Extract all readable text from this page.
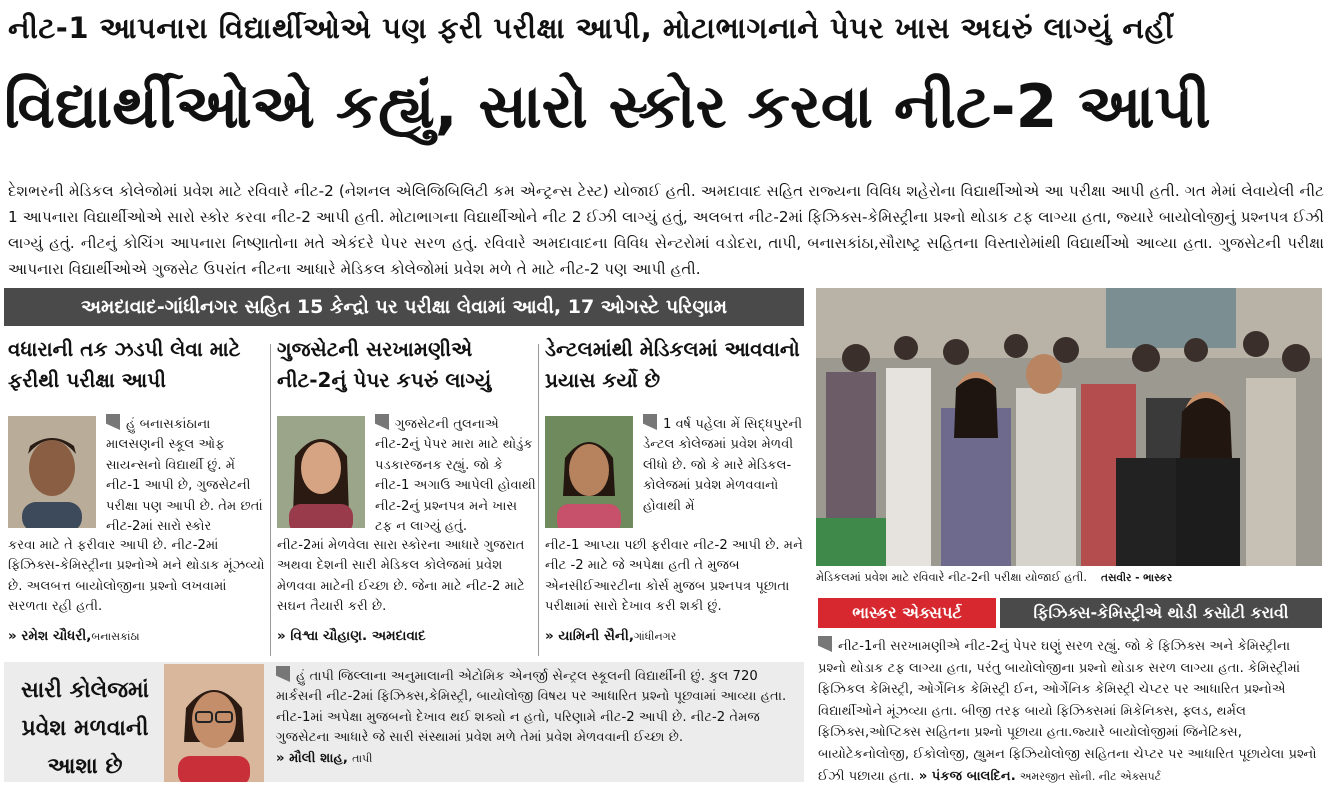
નીટ-1 આપનારા વિદ્યાર્થીઓએ પણ ફરી પરીક્ષા આપી, મોટાભાગનાને પેપર ખાસ અઘરું લાગ્યું નહીં
વિદ્યાર્થીઓએ કહ્યું, સારો સ્કોર કરવા નીટ-2 આપી
દેશભરની મેડિકલ કોલેજોમાં પ્રવેશ માટે રવિવારે નીટ-2 (નેશનલ એલિજિબિલિટી કમ એન્ટ્રન્સ ટેસ્ટ) યોજાઈ હતી. અમદાવાદ સહિત રાજ્યના વિવિધ શહેરોના વિદ્યાર્થીઓએ આ પરીક્ષા આપી હતી. ગત મેમાં લેવાયેલી નીટ 1 આપનારા વિદ્યાર્થીઓએ સારો સ્કોર કરવા નીટ-2 આપી હતી. મોટાભાગના વિદ્યાર્થીઓને નીટ 2 ઈઝી લાગ્યું હતું, અલબત્ત નીટ-2માં ફિઝિક્સ-કેમિસ્ટ્રીના પ્રશ્નો થોડાક ટફ લાગ્યા હતા, જ્યારે બાયોલોજીનું પ્રશ્નપત્ર ઈઝી લાગ્યું હતું. નીટનું કોચિંગ આપનારા નિષ્ણાતોના મતે એકંદરે પેપર સરળ હતું. રવિવારે અમદાવાદના વિવિધ સેન્ટરોમાં વડોદરા, તાપી, બનાસકાંઠા,સૌરાષ્ટ્ર સહિતના વિસ્તારોમાંથી વિદ્યાર્થીઓ આવ્યા હતા. ગુજસેટની પરીક્ષા આપનારા વિદ્યાર્થીઓએ ગુજસેટ ઉપરાંત નીટના આધારે મેડિકલ કોલેજોમાં પ્રવેશ મળે તે માટે નીટ-2 પણ આપી હતી.
અમદાવાદ-ગાંધીનગર સહિત 15 કેન્દ્રો પર પરીક્ષા લેવામાં આવી, 17 ઓગસ્ટે પરિણામ
વધારાની તક ઝડપી લેવા માટે ફરીથી પરીક્ષા આપી
હું બનાસકાંઠાના માલસણની સ્કૂલ ઓફ સાયન્સનો વિદ્યાર્થી છું. મેં નીટ-1 આપી છે, ગુજસેટની પરીક્ષા પણ આપી છે. તેમ છતાં નીટ-2માં સારો સ્કોર
કરવા માટે તે ફરીવાર આપી છે. નીટ-2માં ફિઝિક્સ-કેમિસ્ટ્રીના પ્રશ્નોએ મને થોડાક મૂંઝવ્યો છે. અલબત્ત બાયોલોજીના પ્રશ્નો લખવામાં સરળતા રહી હતી.
» રમેશ ચૌધરી,બનાસકાંઠા
ગુજસેટની સરખામણીએ નીટ-2નું પેપર કપરું લાગ્યું
ગુજસેટની તુલનાએ નીટ-2નું પેપર મારા માટે થોડુંક પડકારજનક રહ્યું. જો કે નીટ-1 અગાઉ આપેલી હોવાથી નીટ-2નું પ્રશ્નપત્ર મને ખાસ ટફ ન લાગ્યું હતું.
નીટ-2માં મેળવેલા સારા સ્કોરના આધારે ગુજરાત અથવા દેશની સારી મેડિકલ કોલેજમાં પ્રવેશ મેળવવા માટેની ઈચ્છા છે. જેના માટે નીટ-2 માટે સઘન તૈયારી કરી છે.
» વિશ્વા ચૌહાણ. અમદાવાદ
ડેન્ટલમાંથી મેડિકલમાં આવવાનો પ્રયાસ કર્યો છે
1 વર્ષ પહેલા મેં સિદ્ધપુરની ડેન્ટલ કોલેજમાં પ્રવેશ મેળવી લીધો છે. જો કે મારે મેડિકલ-કોલેજમાં પ્રવેશ મેળવવાનો હોવાથી મેં
નીટ-1 આપ્યા પછી ફરીવાર નીટ-2 આપી છે. મને નીટ -2 માટે જે અપેક્ષા હતી તે મુજબ એનસીઈઆરટીના કોર્સ મુજબ પ્રશ્નપત્ર પૂછાતા પરીક્ષામાં સારો દેખાવ કરી શકી છું.
» યામિની સૈની,ગાંધીનગર
સારી કોલેજમાં પ્રવેશ મળવાની આશા છે
હું તાપી જિલ્લાના અનુમાલાની એટોમિક એનર્જી સેન્ટ્રલ સ્કૂલની વિદ્યાર્થીની છું. કુલ 720 માર્કસની નીટ-2માં ફિઝિક્સ,કેમિસ્ટ્રી, બાયોલોજી વિષય પર આધારિત પ્રશ્નો પૂછવામાં આવ્યા હતા. નીટ-1માં અપેક્ષા મુજબનો દેખાવ થઈ શક્યો ન હતો, પરિણામે નીટ-2 આપી છે. નીટ-2 તેમજ ગુજસેટના આધારે જે સારી સંસ્થામાં પ્રવેશ મળે તેમાં પ્રવેશ મેળવવાની ઈચ્છા છે.
» મૌલી શાહ, તાપી
મેડિકલમાં પ્રવેશ માટે રવિવારે નીટ-2ની પરીક્ષા યોજાઈ હતી. તસવીર - ભાસ્કર
ભાસ્કર એક્સપર્ટ	ફિઝિક્સ-કેમિસ્ટ્રીએ થોડી કસોટી કરાવી
નીટ-1ની સરખામણીએ નીટ-2નું પેપર ઘણું સરળ રહ્યું. જો કે ફિઝિક્સ અને કેમિસ્ટ્રીના પ્રશ્નો થોડાક ટફ લાગ્યા હતા, પરંતુ બાયોલોજીના પ્રશ્નો થોડાક સરળ લાગ્યા હતા. કેમિસ્ટ્રીમાં ફિઝિકલ કેમિસ્ટ્રી, ઓર્ગેનિક કેમિસ્ટ્રી ઈન, ઓર્ગેનિક કેમિસ્ટ્રી ચેપ્ટર પર આધારિત પ્રશ્નોએ વિદ્યાર્થીઓને મૂંઝવ્યા હતા. બીજી તરફ બાયો ફિઝિક્સમાં મિકેનિક્સ, ફ્લડ, થર્મલ ફિઝિક્સ,ઓપ્ટિક્સ સહિતના પ્રશ્નો પૂછાયા હતા.જ્યારે બાયોલોજીમાં જિનેટિક્સ, બાયોટેકનોલોજી, ઈકોલોજી, હ્યુમન ફિઝિયોલોજી સહિતના ચેપ્ટર પર આધારિત પૂછાયેલા પ્રશ્નો ઈઝી પછાયા હતા. » પંકજ બાલદિન. અમરજીત સોની. નીટ એક્સપર્ટ
